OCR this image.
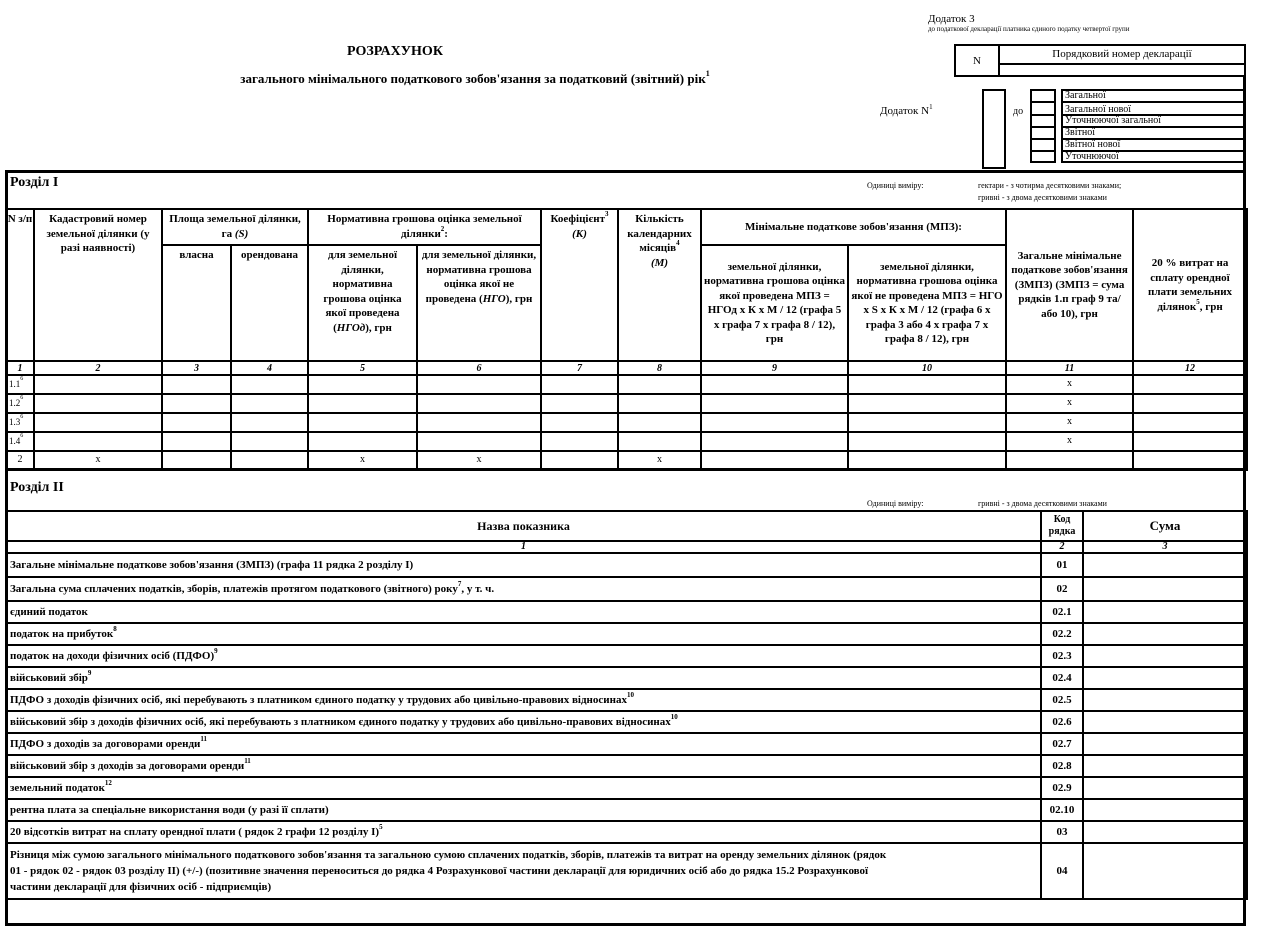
Додаток 3
до податкової декларації платника єдиного податку четвертої групи
РОЗРАХУНОК
загального мінімального податкового зобов'язання за податковий (звітний) рік$^1$
N
Порядковий номер декларації
Додаток $N^1$	до
Загальної
Загальної нової
Уточнюючої загальної
Звітної
Звітної нової
Уточнюючої
Розділ I	Одиниці виміру:	гектари - з чотирма десятковими знаками;
гривні - з двома десятковими знаками
N з/п	Кадастровий номер земельної ділянки (у разі наявності)	Площа земельної ділянки, га (S)		Нормативна грошова оцінка земельної ділянки$^2$:		Коефіцієнт$^3$
(К)	Кількість календарних місяців$^4$
(М)	Мінімальне податкове зобов'язання (МПЗ):		Загальне мінімальне податкове зобов'язання (ЗМПЗ) (ЗМПЗ = сума рядків 1.п граф 9 та/або 10), грн	20 % витрат на сплату орендної плати земельних ділянок$^5$, грн
		власна	орендована	для земельної ділянки, нормативна грошова оцінка якої проведена (НГОд), грн	для земельної ділянки, нормативна грошова оцінка якої не проведена (НГО), грн			земельної ділянки, нормативна грошова оцінка якої проведена МПЗ = НГОд х К х М / 12 (графа 5 х графа 7 х графа 8 / 12), грн	земельної ділянки, нормативна грошова оцінка якої не проведена МПЗ = НГО х S х К х М / 12 (графа 6 х графа 3 або 4 х графа 7 х графа 8 / 12), грн		
1	2	3	4	5	6	7	8	9	10	11	12
$1.1^6$										x	
$1.2^6$										x	
$1.3^6$										x	
$1.4^6$										x	
2	x			x	x		x				
Розділ II
Одиниці виміру:	гривні - з двома десятковими знаками
Назва показника	Код рядка	Сума
1	2	3
Загальне мінімальне податкове зобов'язання (ЗМПЗ) (графа 11 рядка 2 розділу I)	01	
Загальна сума сплачених податків, зборів, платежів протягом податкового (звітного) року$^7$, у т. ч.	02	
єдиний податок	02.1	
податок на прибуток$^8$	02.2	
податок на доходи фізичних осіб (ПДФО)$^9$	02.3	
військовий збір$^9$	02.4	
ПДФО з доходів фізичних осіб, які перебувають з платником єдиного податку у трудових або цивільно-правових відносинах$^{10}$	02.5	
військовий збір з доходів фізичних осіб, які перебувають з платником єдиного податку у трудових або цивільно-правових відносинах$^{10}$	02.6	
ПДФО з доходів за договорами оренди$^{11}$	02.7	
військовий збір з доходів за договорами оренди$^{11}$	02.8	
земельний податок$^{12}$	02.9	
рентна плата за спеціальне використання води (у разі її сплати)	02.10	
20 відсотків витрат на сплату орендної плати ( рядок 2 графи 12 розділу I)$^5$	03	
Різниця між сумою загального мінімального податкового зобов'язання та загальною сумою сплачених податків, зборів, платежів та витрат на оренду земельних ділянок (рядок 01 - рядок 02 - рядок 03 розділу II) (+/-) (позитивне значення переноситься до рядка 4 Розрахункової частини декларації для юридичних осіб або до рядка 15.2 Розрахункової частини декларації для фізичних осіб - підприємців)	04	
